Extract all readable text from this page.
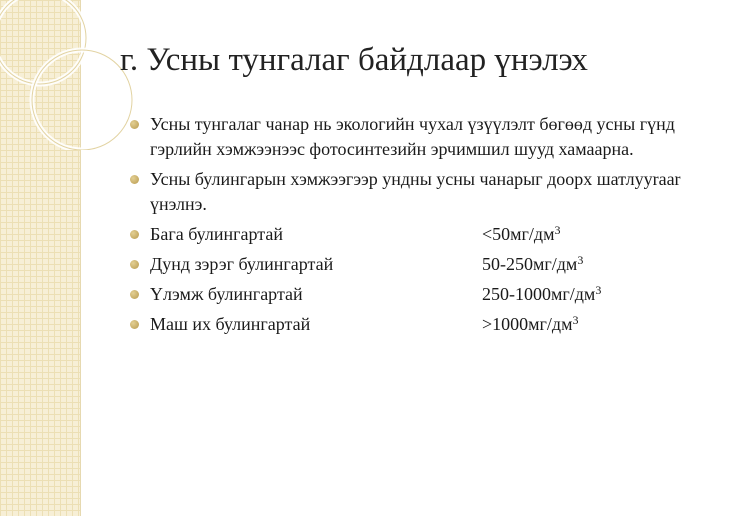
г. Усны тунгалаг байдлаар үнэлэх
Усны тунгалаг чанар нь экологийн чухал үзүүлэлт бөгөөд усны гүнд гэрлийн хэмжээнээс фотосинтезийн эрчимшил шууд хамаарна.
Усны булингарын хэмжээгээр ундны усны чанарыг доорх шатлууraar үнэлнэ.
Бага булингартай	$<50мг/дм^3$
Дунд зэрэг булингартай	$50-250мг/дм^3$
Үлэмж булингартай	$250-1000мг/дм^3$
Маш их булингартай	$>1000мг/дм^3$
